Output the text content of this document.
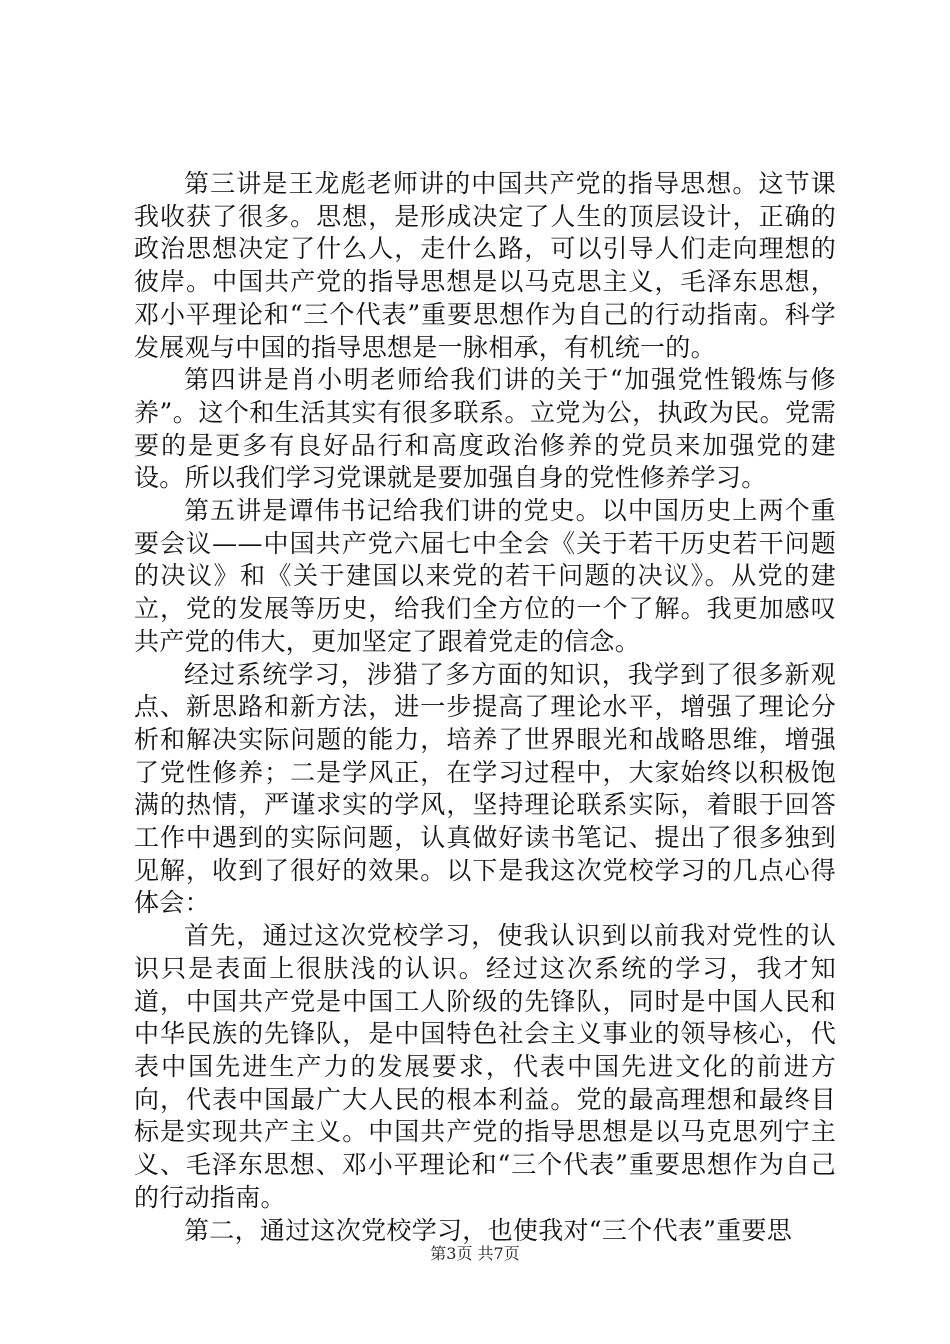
第三讲是王龙彪老师讲的中国共产党的指导思想。这节课我收获了很多。思想，是形成决定了人生的顶层设计，正确的政治思想决定了什么人，走什么路，可以引导人们走向理想的彼岸。中国共产党的指导思想是以马克思主义，毛泽东思想，邓小平理论和“三个代表”重要思想作为自己的行动指南。科学发展观与中国的指导思想是一脉相承，有机统一的。

第四讲是肖小明老师给我们讲的关于“加强党性锻炼与修养”。这个和生活其实有很多联系。立党为公，执政为民。党需要的是更多有良好品行和高度政治修养的党员来加强党的建设。所以我们学习党课就是要加强自身的党性修养学习。

第五讲是谭伟书记给我们讲的党史。以中国历史上两个重要会议——中国共产党六届七中全会《关于若干历史若干问题的决议》和《关于建国以来党的若干问题的决议》。从党的建立，党的发展等历史，给我们全方位的一个了解。我更加感叹共产党的伟大，更加坚定了跟着党走的信念。

经过系统学习，涉猎了多方面的知识，我学到了很多新观点、新思路和新方法，进一步提高了理论水平，增强了理论分析和解决实际问题的能力，培养了世界眼光和战略思维，增强了党性修养；二是学风正，在学习过程中，大家始终以积极饱满的热情，严谨求实的学风，坚持理论联系实际，着眼于回答工作中遇到的实际问题，认真做好读书笔记、提出了很多独到见解，收到了很好的效果。以下是我这次党校学习的几点心得体会：

首先，通过这次党校学习，使我认识到以前我对党性的认识只是表面上很肤浅的认识。经过这次系统的学习，我才知道，中国共产党是中国工人阶级的先锋队，同时是中国人民和中华民族的先锋队，是中国特色社会主义事业的领导核心，代表中国先进生产力的发展要求，代表中国先进文化的前进方向，代表中国最广大人民的根本利益。党的最高理想和最终目标是实现共产主义。中国共产党的指导思想是以马克思列宁主义、毛泽东思想、邓小平理论和“三个代表”重要思想作为自己的行动指南。

第二，通过这次党校学习，也使我对“三个代表”重要思

第3页 共7页
